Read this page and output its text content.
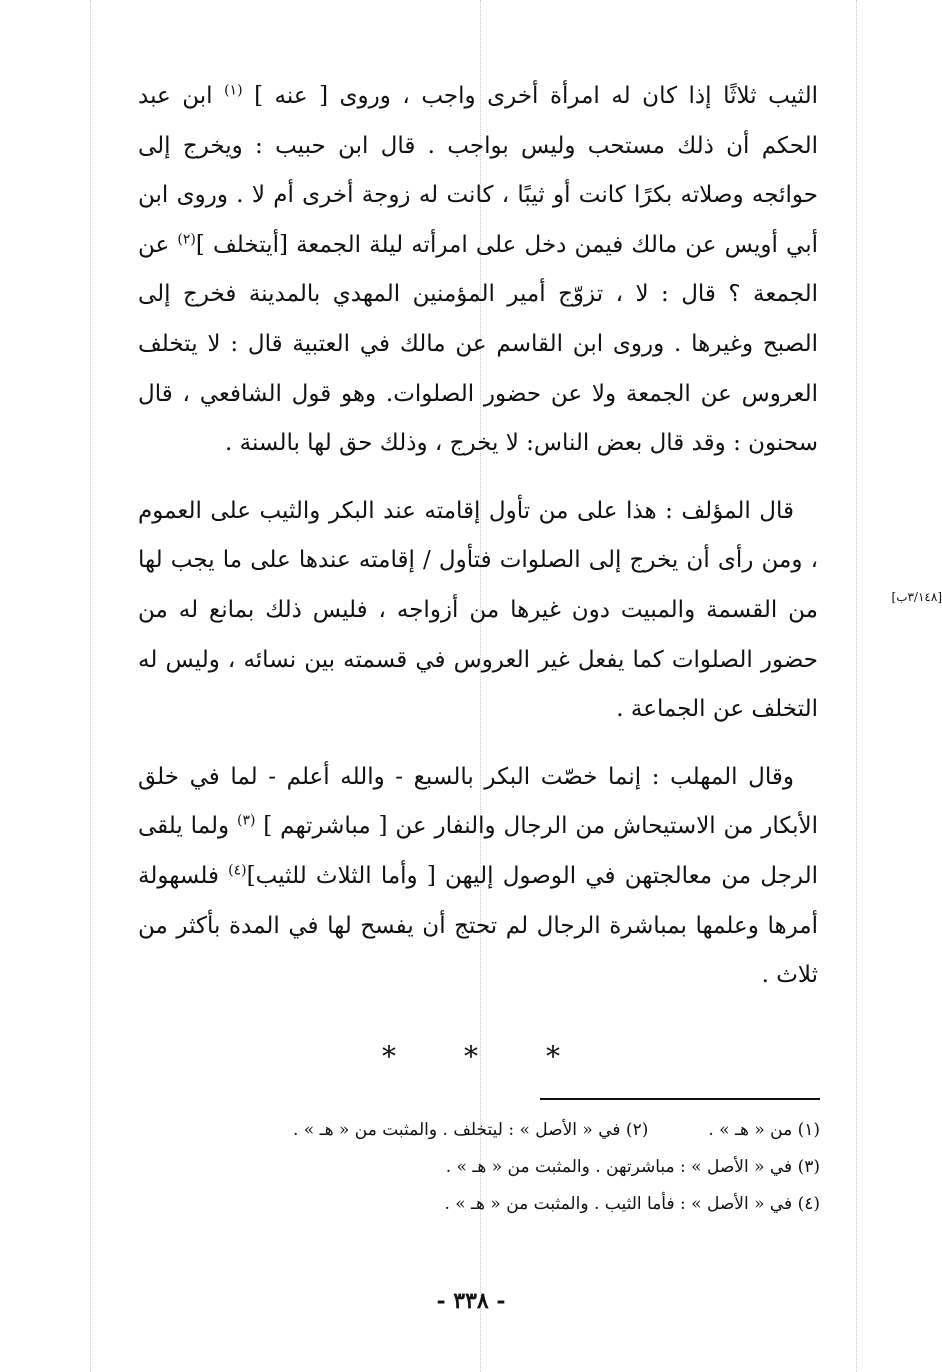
الثيب ثلاثًا إذا كان له امرأة أخرى واجب ، وروى [ عنه ] $^{(١)}$ ابن عبد الحكم أن ذلك مستحب وليس بواجب . قال ابن حبيب : ويخرج إلى حوائجه وصلاته بكرًا كانت أو ثيبًا ، كانت له زوجة أخرى أم لا . وروى ابن أبي أويس عن مالك فيمن دخل على امرأته ليلة الجمعة [أيتخلف ]$^{(٢)}$ عن الجمعة ؟ قال : لا ، تزوّج أمير المؤمنين المهدي بالمدينة فخرج إلى الصبح وغيرها . وروى ابن القاسم عن مالك في العتبية قال : لا يتخلف العروس عن الجمعة ولا عن حضور الصلوات. وهو قول الشافعي ، قال سحنون : وقد قال بعض الناس: لا يخرج ، وذلك حق لها بالسنة .

قال المؤلف : هذا على من تأول إقامته عند البكر والثيب على العموم ، ومن رأى أن يخرج إلى الصلوات فتأول / إقامته عندها على ما يجب لها من القسمة والمبيت دون غيرها من أزواجه ، فليس ذلك بمانع له من حضور الصلوات كما يفعل غير العروس في قسمته بين نسائه ، وليس له التخلف عن الجماعة .

وقال المهلب : إنما خصّت البكر بالسبع - والله أعلم - لما في خلق الأبكار من الاستيحاش من الرجال والنفار عن [ مباشرتهم ] $^{(٣)}$ ولما يلقى الرجل من معالجتهن في الوصول إليهن [ وأما الثلاث للثيب]$^{(٤)}$ فلسهولة أمرها وعلمها بمباشرة الرجال لم تحتج أن يفسح لها في المدة بأكثر من ثلاث .

[٣/١٤٨ب]
* * *
(١) من « هـ » .(٢) في « الأصل » : ليتخلف . والمثبت من « هـ » .
(٣) في « الأصل » : مباشرتهن . والمثبت من « هـ » .
(٤) في « الأصل » : فأما الثيب . والمثبت من « هـ » .
- ٣٣٨ -
